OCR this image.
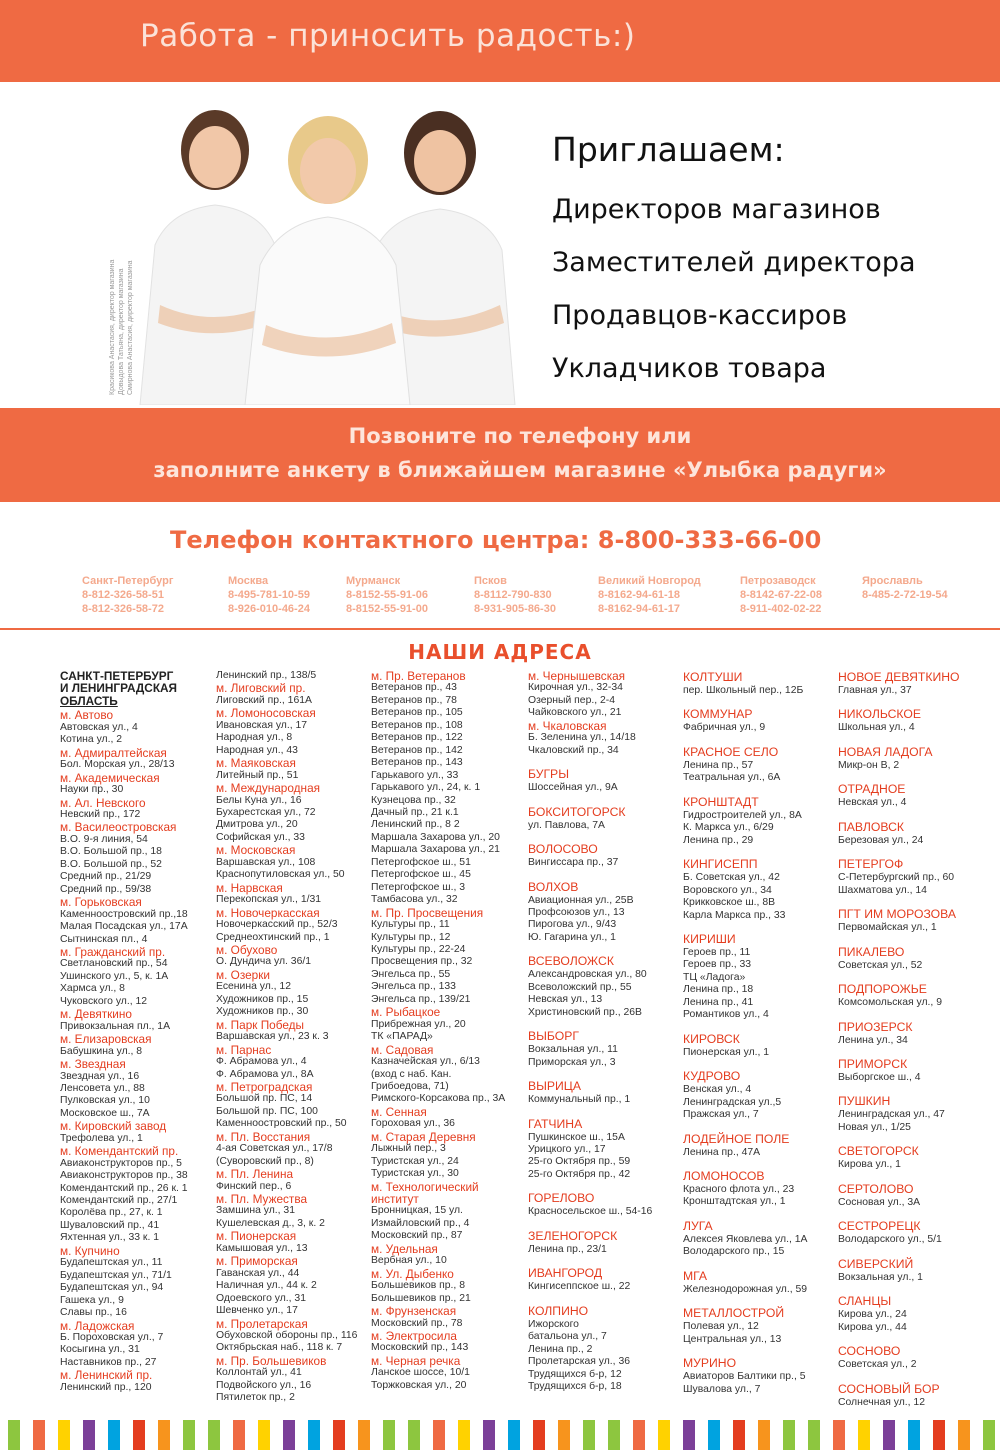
Работа - приносить радость:)
Красикова Анастасия, директор магазина Довыдова Татьяна, директор магазина Смирнова Анастасия, директор магазина
Приглашаем:
Директоров магазинов
Заместителей директора
Продавцов-кассиров
Укладчиков товара
Позвоните по телефону или
заполните анкету в ближайшем магазине «Улыбка радуги»
Телефон контактного центра: 8-800-333-66-00
Санкт-Петербург
8-812-326-58-51
8-812-326-58-72
Москва
8-495-781-10-59
8-926-010-46-24
Мурманск
8-8152-55-91-06
8-8152-55-91-00
Псков
8-8112-790-830
8-931-905-86-30
Великий Новгород
8-8162-94-61-18
8-8162-94-61-17
Петрозаводск
8-8142-67-22-08
8-911-402-02-22
Ярославль
8-485-2-72-19-54
НАШИ АДРЕСА
САНКТ-ПЕТЕРБУРГ
И ЛЕНИНГРАДСКАЯ
ОБЛАСТЬ
м. Автово
Автовская ул., 4
Котина ул., 2
м. Адмиралтейская
Бол. Морская ул., 28/13
м. Академическая
Науки пр., 30
м. Ал. Невского
Невский пр., 172
м. Василеостровская
В.О. 9-я линия, 54
В.О. Большой пр., 18
В.О. Большой пр., 52
Средний пр., 21/29
Средний пр., 59/38
м. Горьковская
Каменноостровский пр.,18
Малая Посадская ул., 17А
Сытнинская пл., 4
м. Гражданский пр.
Светлановский пр., 54
Ушинского ул., 5, к. 1А
Хармса ул., 8
Чуковского ул., 12
м. Девяткино
Привокзальная пл., 1А
м. Елизаровская
Бабушкина ул., 8
м. Звездная
Звездная ул., 16
Ленсовета ул., 88
Пулковская ул., 10
Московское ш., 7А
м. Кировский завод
Трефолева ул., 1
м. Комендантский пр.
Авиаконструкторов пр., 5
Авиаконструкторов пр., 38
Комендантский пр., 26 к. 1
Комендантский пр., 27/1
Королёва пр., 27, к. 1
Шуваловский пр., 41
Яхтенная ул., 33 к. 1
м. Купчино
Будапештская ул., 11
Будапештская ул., 71/1
Будапештская ул., 94
Гашека ул., 9
Славы пр., 16
м. Ладожская
Б. Пороховская ул., 7
Косыгина ул., 31
Наставников пр., 27
м. Ленинский пр.
Ленинский пр., 120
Ленинский пр., 138/5
м. Лиговский пр.
Лиговский пр., 161А
м. Ломоносовская
Ивановская ул., 17
Народная ул., 8
Народная ул., 43
м. Маяковская
Литейный пр., 51
м. Международная
Белы Куна ул., 16
Бухарестская ул., 72
Дмитрова ул., 20
Софийская ул., 33
м. Московская
Варшавская ул., 108
Краснопутиловская ул., 50
м. Нарвская
Перекопская ул., 1/31
м. Новочеркасская
Новочеркасский пр., 52/3
Среднеохтинский пр., 1
м. Обухово
О. Дундича ул. 36/1
м. Озерки
Есенина ул., 12
Художников пр., 15
Художников пр., 30
м. Парк Победы
Варшавская ул., 23 к. 3
м. Парнас
Ф. Абрамова ул., 4
Ф. Абрамова ул., 8А
м. Петроградская
Большой пр. ПС, 14
Большой пр. ПС, 100
Каменноостровский пр., 50
м. Пл. Восстания
4-ая Советская ул., 17/8
(Суворовский пр., 8)
м. Пл. Ленина
Финский пер., 6
м. Пл. Мужества
Замшина ул., 31
Кушелевская д., 3, к. 2
м. Пионерская
Камышовая ул., 13
м. Приморская
Гаванская ул., 44
Наличная ул., 44 к. 2
Одоевского ул., 31
Шевченко ул., 17
м. Пролетарская
Обуховской обороны пр., 116
Октябрьская наб., 118 к. 7
м. Пр. Большевиков
Коллонтай ул., 41
Подвойского ул., 16
Пятилеток пр., 2
м. Пр. Ветеранов
Ветеранов пр., 43
Ветеранов пр., 78
Ветеранов пр., 105
Ветеранов пр., 108
Ветеранов пр., 122
Ветеранов пр., 142
Ветеранов пр., 143
Гарькавого ул., 33
Гарькавого ул., 24, к. 1
Кузнецова пр., 32
Дачный пр., 21 к.1
Ленинский пр., 8 2
Маршала Захарова ул., 20
Маршала Захарова ул., 21
Петергофское ш., 51
Петергофское ш., 45
Петергофское ш., 3
Тамбасова ул., 32
м. Пр. Просвещения
Культуры пр., 11
Культуры пр., 12
Культуры пр., 22-24
Просвещения пр., 32
Энгельса пр., 55
Энгельса пр., 133
Энгельса пр., 139/21
м. Рыбацкое
Прибрежная ул., 20
ТК «ПАРАД»
м. Садовая
Казначейская ул., 6/13
(вход с наб. Кан.
Грибоедова, 71)
Римского-Корсакова пр., 3А
м. Сенная
Гороховая ул., 36
м. Старая Деревня
Лыжный пер., 3
Туристская ул., 24
Туристская ул., 30
м. Технологический
институт
Бронницкая, 15 ул.
Измайловский пр., 4
Московский пр., 87
м. Удельная
Вербная ул., 10
м. Ул. Дыбенко
Большевиков пр., 8
Большевиков пр., 21
м. Фрунзенская
Московский пр., 78
м. Электросила
Московский пр., 143
м. Черная речка
Ланское шоссе, 10/1
Торжковская ул., 20
м. Чернышевская
Кирочная ул., 32-34
Озерный пер., 2-4
Чайковского ул., 21
м. Чкаловская
Б. Зеленина ул., 14/18
Чкаловский пр., 34
БУГРЫ
Шоссейная ул., 9А
БОКСИТОГОРСК
ул. Павлова, 7А
ВОЛОСОВО
Вингиссара пр., 37
ВОЛХОВ
Авиационная ул., 25В
Профсоюзов ул., 13
Пирогова ул., 9/43
Ю. Гагарина ул., 1
ВСЕВОЛОЖСК
Александровская ул., 80
Всеволожский пр., 55
Невская ул., 13
Христиновский пр., 26В
ВЫБОРГ
Вокзальная ул., 11
Приморская ул., 3
ВЫРИЦА
Коммунальный пр., 1
ГАТЧИНА
Пушкинское ш., 15А
Урицкого ул., 17
25-го Октября пр., 59
25-го Октября пр., 42
ГОРЕЛОВО
Красносельское ш., 54-16
ЗЕЛЕНОГОРСК
Ленина пр., 23/1
ИВАНГОРОД
Кингисеппское ш., 22
КОЛПИНО
Ижорского
батальона ул., 7
Ленина пр., 2
Пролетарская ул., 36
Трудящихся б-р, 12
Трудящихся б-р, 18
КОЛТУШИ
пер. Школьный пер., 12Б
КОММУНАР
Фабричная ул., 9
КРАСНОЕ СЕЛО
Ленина пр., 57
Театральная ул., 6А
КРОНШТАДТ
Гидростроителей ул., 8А
К. Маркса ул., 6/29
Ленина пр., 29
КИНГИСЕПП
Б. Советская ул., 42
Воровского ул., 34
Крикковское ш., 8В
Карла Маркса пр., 33
КИРИШИ
Героев пр., 11
Героев пр., 33
ТЦ «Ладога»
Ленина пр., 18
Ленина пр., 41
Романтиков ул., 4
КИРОВСК
Пионерская ул., 1
КУДРОВО
Венская ул., 4
Ленинградская ул.,5
Пражская ул., 7
ЛОДЕЙНОЕ ПОЛЕ
Ленина пр., 47А
ЛОМОНОСОВ
Красного флота ул., 23
Кронштадтская ул., 1
ЛУГА
Алексея Яковлева ул., 1А
Володарского пр., 15
МГА
Железнодорожная ул., 59
МЕТАЛЛОСТРОЙ
Полевая ул., 12
Центральная ул., 13
МУРИНО
Авиаторов Балтики пр., 5
Шувалова ул., 7
НОВОЕ ДЕВЯТКИНО
Главная ул., 37
НИКОЛЬСКОЕ
Школьная ул., 4
НОВАЯ ЛАДОГА
Микр-он В, 2
ОТРАДНОЕ
Невская ул., 4
ПАВЛОВСК
Березовая ул., 24
ПЕТЕРГОФ
С-Петербургский пр., 60
Шахматова ул., 14
ПГТ ИМ МОРОЗОВА
Первомайская ул., 1
ПИКАЛЕВО
Советская ул., 52
ПОДПОРОЖЬЕ
Комсомольская ул., 9
ПРИОЗЕРСК
Ленина ул., 34
ПРИМОРСК
Выборгское ш., 4
ПУШКИН
Ленинградская ул., 47
Новая ул., 1/25
СВЕТОГОРСК
Кирова ул., 1
СЕРТОЛОВО
Сосновая ул., 3А
СЕСТРОРЕЦК
Володарского ул., 5/1
СИВЕРСКИЙ
Вокзальная ул., 1
СЛАНЦЫ
Кирова ул., 24
Кирова ул., 44
СОСНОВО
Советская ул., 2
СОСНОВЫЙ БОР
Солнечная ул., 12
